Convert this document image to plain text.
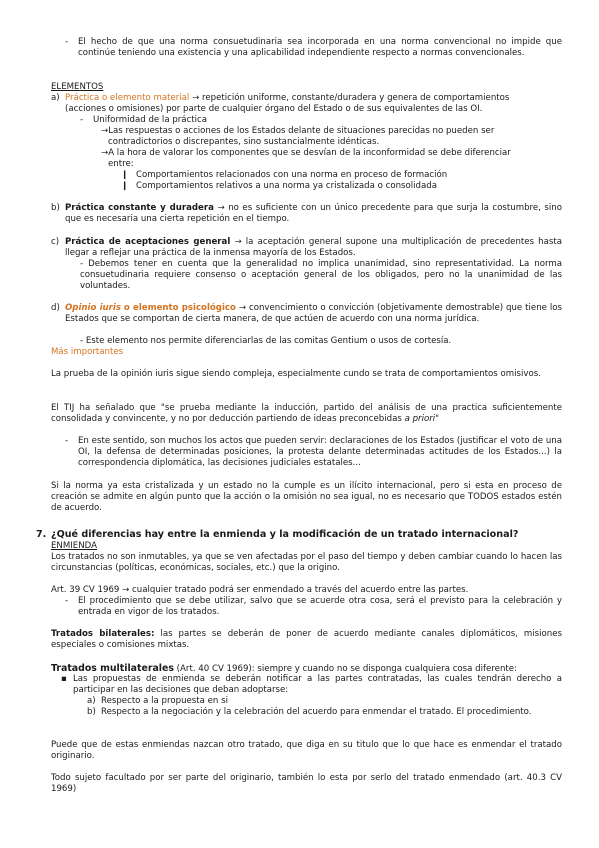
- El hecho de que una norma consuetudinaria sea incorporada en una norma convencional no impide que continúe teniendo una existencia y una aplicabilidad independiente respecto a normas convencionales.
ELEMENTOS
a) Práctica o elemento material → repetición uniforme, constante/duradera y genera de comportamientos
(acciones o omisiones) por parte de cualquier órgano del Estado o de sus equivalentes de las OI.
- Uniformidad de la práctica
→Las respuestas o acciones de los Estados delante de situaciones parecidas no pueden ser
contradictorios o discrepantes, sino sustancialmente idénticas.
→A la hora de valorar los componentes que se desvían de la inconformidad se debe diferenciar
entre:
❙ Comportamientos relacionados con una norma en proceso de formación
❙ Comportamientos relativos a una norma ya cristalizada o consolidada
b) Práctica constante y duradera → no es suficiente con un único precedente para que surja la costumbre, sino que es necesaria una cierta repetición en el tiempo.
c) Práctica de aceptaciones general → la aceptación general supone una multiplicación de precedentes hasta llegar a reflejar una práctica de la inmensa mayoría de los Estados.
- Debemos tener en cuenta que la generalidad no implica unanimidad, sino representatividad. La norma consuetudinaria requiere consenso o aceptación general de los obligados, pero no la unanimidad de las voluntades.
d) Opinio iuris o elemento psicológico → convencimiento o convicción (objetivamente demostrable) que tiene los Estados que se comportan de cierta manera, de que actúen de acuerdo con una norma jurídica.
- Este elemento nos permite diferenciarlas de las comitas Gentium o usos de cortesía.
Más importantes
La prueba de la opinión iuris sigue siendo compleja, especialmente cundo se trata de comportamientos omisivos.
El TIJ ha señalado que "se prueba mediante la inducción, partido del análisis de una practica suficientemente consolidada y convincente, y no por deducción partiendo de ideas preconcebidas a priori"
- En este sentido, son muchos los actos que pueden servir: declaraciones de los Estados (justificar el voto de una OI, la defensa de determinadas posiciones, la protesta delante determinadas actitudes de los Estados...) la correspondencia diplomática, las decisiones judiciales estatales...
Si la norma ya esta cristalizada y un estado no la cumple es un ilícito internacional, pero si esta en proceso de creación se admite en algún punto que la acción o la omisión no sea igual, no es necesario que TODOS estados estén de acuerdo.
7. ¿Qué diferencias hay entre la enmienda y la modificación de un tratado internacional?
ENMIENDA
Los tratados no son inmutables, ya que se ven afectadas por el paso del tiempo y deben cambiar cuando lo hacen las circunstancias (políticas, económicas, sociales, etc.) que la origino.
Art. 39 CV 1969 → cualquier tratado podrá ser enmendado a través del acuerdo entre las partes.
- El procedimiento que se debe utilizar, salvo que se acuerde otra cosa, será el previsto para la celebración y entrada en vigor de los tratados.
Tratados bilaterales: las partes se deberán de poner de acuerdo mediante canales diplomáticos, misiones especiales o comisiones mixtas.
Tratados multilaterales (Art. 40 CV 1969): siempre y cuando no se disponga cualquiera cosa diferente:
▪ Las propuestas de enmienda se deberán notificar a las partes contratadas, las cuales tendrán derecho a participar en las decisiones que deban adoptarse:
a) Respecto a la propuesta en si
b) Respecto a la negociación y la celebración del acuerdo para enmendar el tratado. El procedimiento.
Puede que de estas enmiendas nazcan otro tratado, que diga en su titulo que lo que hace es enmendar el tratado originario.
Todo sujeto facultado por ser parte del originario, también lo esta por serlo del tratado enmendado (art. 40.3 CV 1969)
